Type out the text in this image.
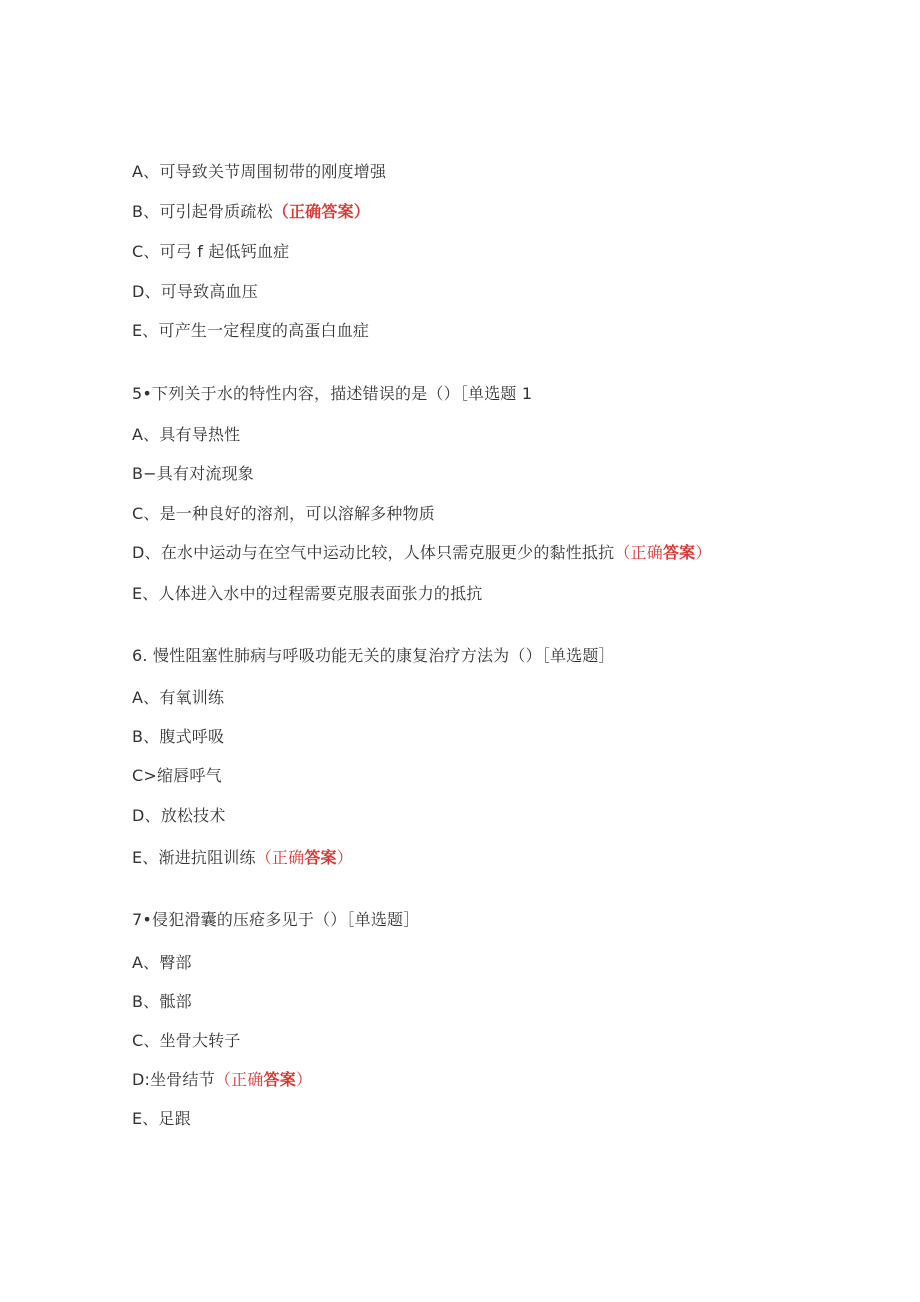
A、可导致关节周围韧带的刚度增强
B、可引起骨质疏松（正确答案）
C、可弓 f 起低钙血症
D、可导致高血压
E、可产生一定程度的高蛋白血症
5•下列关于水的特性内容，描述错误的是（）［单选题 1
A、具有导热性
B−具有对流现象
C、是一种良好的溶剂，可以溶解多种物质
D、在水中运动与在空气中运动比较，人体只需克服更少的黏性抵抗（正确答案）
E、人体进入水中的过程需要克服表面张力的抵抗
6. 慢性阻塞性肺病与呼吸功能无关的康复治疗方法为（）［单选题］
A、有氧训练
B、腹式呼吸
C>缩唇呼气
D、放松技术
E、渐进抗阻训练（正确答案）
7•侵犯滑囊的压疮多见于（）［单选题］
A、臀部
B、骶部
C、坐骨大转子
D:坐骨结节（正确答案）
E、足跟
